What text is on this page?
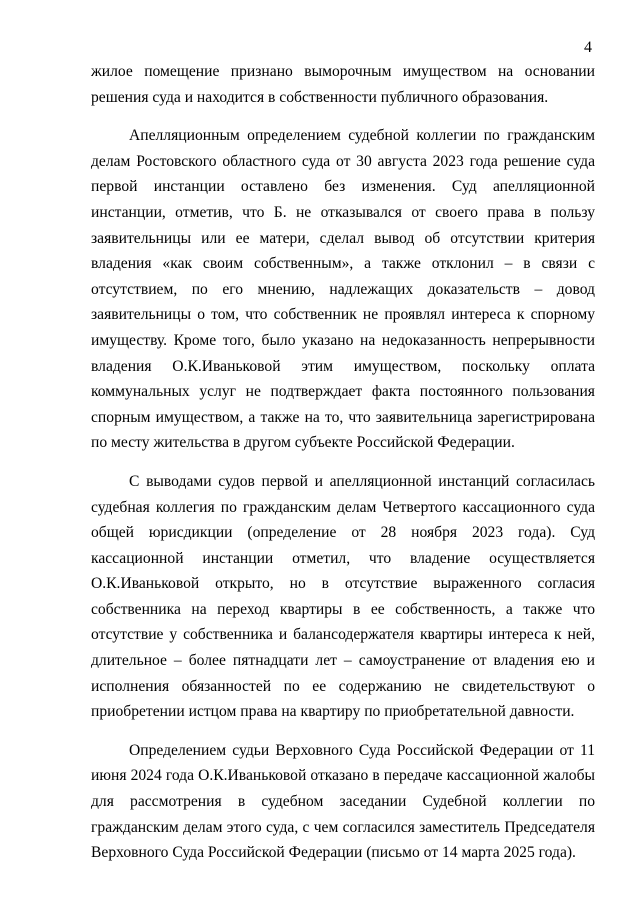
4

жилое помещение признано выморочным имуществом на основании решения суда и находится в собственности публичного образования.

Апелляционным определением судебной коллегии по гражданским делам Ростовского областного суда от 30 августа 2023 года решение суда первой инстанции оставлено без изменения. Суд апелляционной инстанции, отметив, что Б. не отказывался от своего права в пользу заявительницы или ее матери, сделал вывод об отсутствии критерия владения «как своим собственным», а также отклонил – в связи с отсутствием, по его мнению, надлежащих доказательств – довод заявительницы о том, что собственник не проявлял интереса к спорному имуществу. Кроме того, было указано на недоказанность непрерывности владения О.К.Иваньковой этим имуществом, поскольку оплата коммунальных услуг не подтверждает факта постоянного пользования спорным имуществом, а также на то, что заявительница зарегистрирована по месту жительства в другом субъекте Российской Федерации.

С выводами судов первой и апелляционной инстанций согласилась судебная коллегия по гражданским делам Четвертого кассационного суда общей юрисдикции (определение от 28 ноября 2023 года). Суд кассационной инстанции отметил, что владение осуществляется О.К.Иваньковой открыто, но в отсутствие выраженного согласия собственника на переход квартиры в ее собственность, а также что отсутствие у собственника и балансодержателя квартиры интереса к ней, длительное – более пятнадцати лет – самоустранение от владения ею и исполнения обязанностей по ее содержанию не свидетельствуют о приобретении истцом права на квартиру по приобретательной давности.

Определением судьи Верховного Суда Российской Федерации от 11 июня 2024 года О.К.Иваньковой отказано в передаче кассационной жалобы для рассмотрения в судебном заседании Судебной коллегии по гражданским делам этого суда, с чем согласился заместитель Председателя Верховного Суда Российской Федерации (письмо от 14 марта 2025 года).
